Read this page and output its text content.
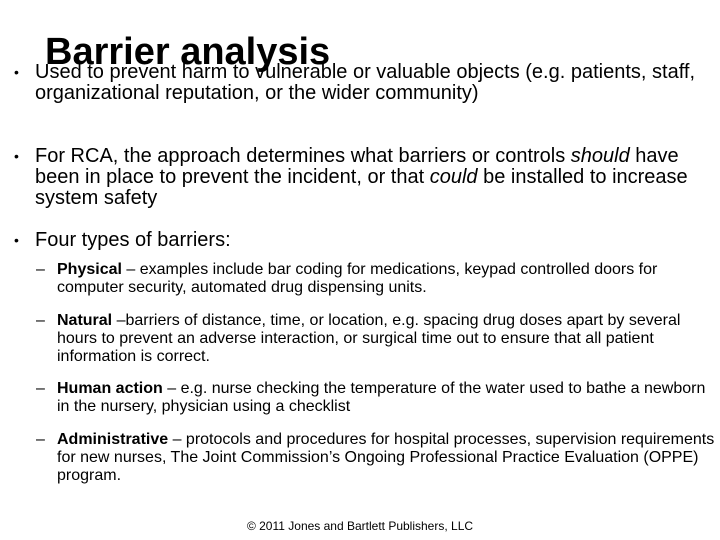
• Used to prevent harm to vulnerable or valuable objects (e.g. patients, staff, organizational reputation, or the wider community)
Barrier analysis
• For RCA, the approach determines what barriers or controls should have been in place to prevent the incident, or that could be installed to increase system safety
• Four types of barriers:
– Physical – examples include bar coding for medications, keypad controlled doors for computer security, automated drug dispensing units.
– Natural –barriers of distance, time, or location, e.g. spacing drug doses apart by several hours to prevent an adverse interaction, or surgical time out to ensure that all patient information is correct.
– Human action – e.g. nurse checking the temperature of the water used to bathe a newborn in the nursery, physician using a checklist
– Administrative – protocols and procedures for hospital processes, supervision requirements for new nurses, The Joint Commission’s Ongoing Professional Practice Evaluation (OPPE) program.
© 2011 Jones and Bartlett Publishers, LLC
